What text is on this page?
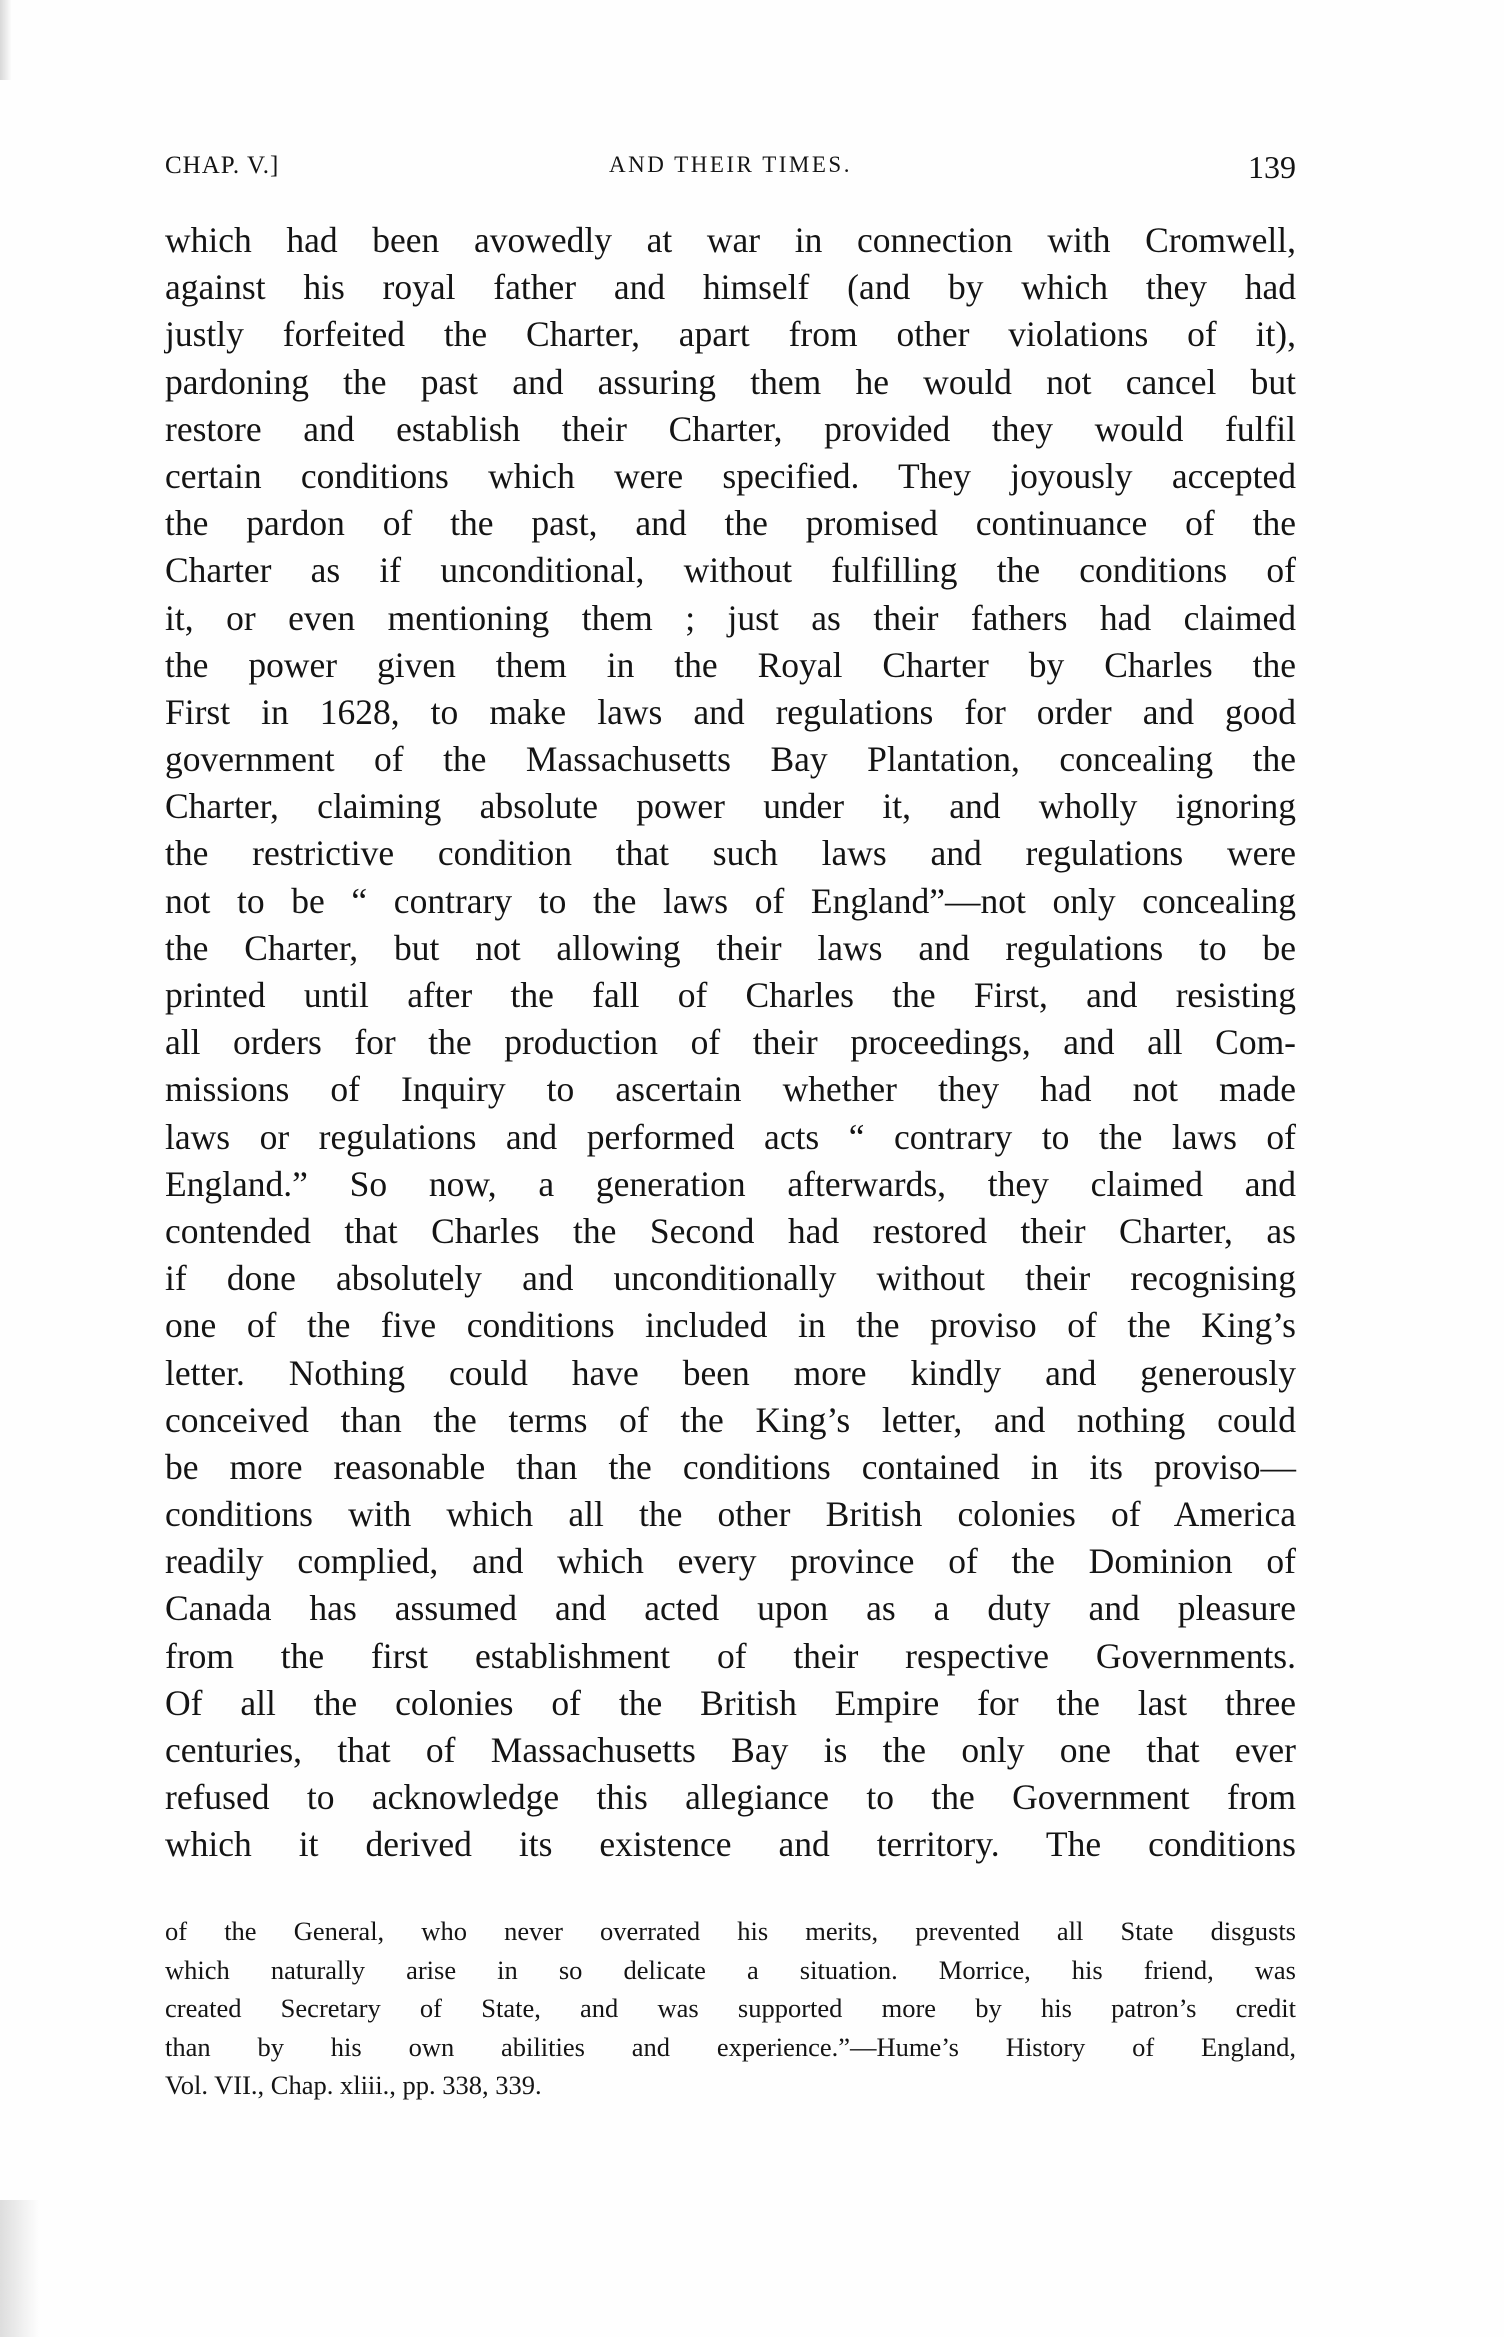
CHAP. V.]	AND THEIR TIMES.	139
which had been avowedly at war in connection with Cromwell,
against his royal father and himself (and by which they had
justly forfeited the Charter, apart from other violations of it),
pardoning the past and assuring them he would not cancel but
restore and establish their Charter, provided they would fulfil
certain conditions which were specified. They joyously accepted
the pardon of the past, and the promised continuance of the
Charter as if unconditional, without fulfilling the conditions of
it, or even mentioning them ; just as their fathers had claimed
the power given them in the Royal Charter by Charles the
First in 1628, to make laws and regulations for order and good
government of the Massachusetts Bay Plantation, concealing the
Charter, claiming absolute power under it, and wholly ignoring
the restrictive condition that such laws and regulations were
not to be “ contrary to the laws of England”—not only concealing
the Charter, but not allowing their laws and regulations to be
printed until after the fall of Charles the First, and resisting
all orders for the production of their proceedings, and all Com-
missions of Inquiry to ascertain whether they had not made
laws or regulations and performed acts “ contrary to the laws of
England.” So now, a generation afterwards, they claimed and
contended that Charles the Second had restored their Charter, as
if done absolutely and unconditionally without their recognising
one of the five conditions included in the proviso of the King’s
letter. Nothing could have been more kindly and generously
conceived than the terms of the King’s letter, and nothing could
be more reasonable than the conditions contained in its proviso—
conditions with which all the other British colonies of America
readily complied, and which every province of the Dominion of
Canada has assumed and acted upon as a duty and pleasure
from the first establishment of their respective Governments.
Of all the colonies of the British Empire for the last three
centuries, that of Massachusetts Bay is the only one that ever
refused to acknowledge this allegiance to the Government from
which it derived its existence and territory. The conditions
of the General, who never overrated his merits, prevented all State disgusts
which naturally arise in so delicate a situation. Morrice, his friend, was
created Secretary of State, and was supported more by his patron’s credit
than by his own abilities and experience.”—Hume’s History of England,
Vol. VII., Chap. xliii., pp. 338, 339.
